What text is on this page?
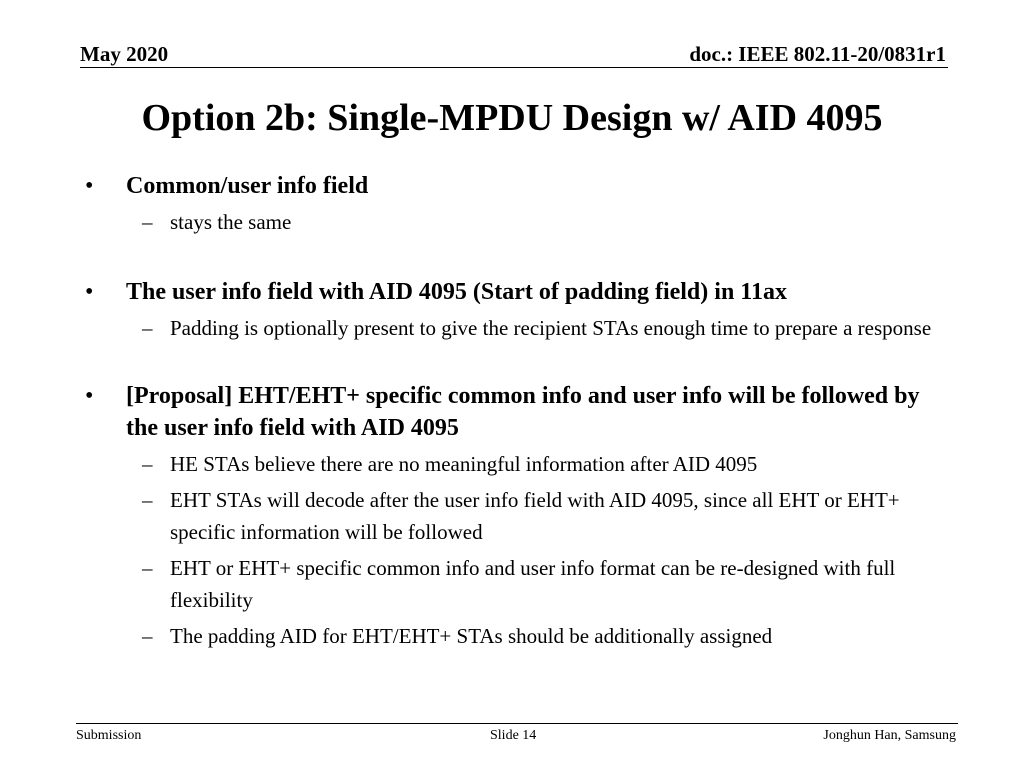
May 2020	doc.: IEEE 802.11-20/0831r1
Option 2b: Single-MPDU Design w/ AID 4095
• Common/user info field
– stays the same
• The user info field with AID 4095 (Start of padding field) in 11ax
– Padding is optionally present to give the recipient STAs enough time to prepare a response
• [Proposal] EHT/EHT+ specific common info and user info will be followed by the user info field with AID 4095
– HE STAs believe there are no meaningful information after AID 4095
– EHT STAs will decode after the user info field with AID 4095, since all EHT or EHT+ specific information will be followed
– EHT or EHT+ specific common info and user info format can be re-designed with full flexibility
– The padding AID for EHT/EHT+ STAs should be additionally assigned
Submission	Slide 14	Jonghun Han, Samsung
